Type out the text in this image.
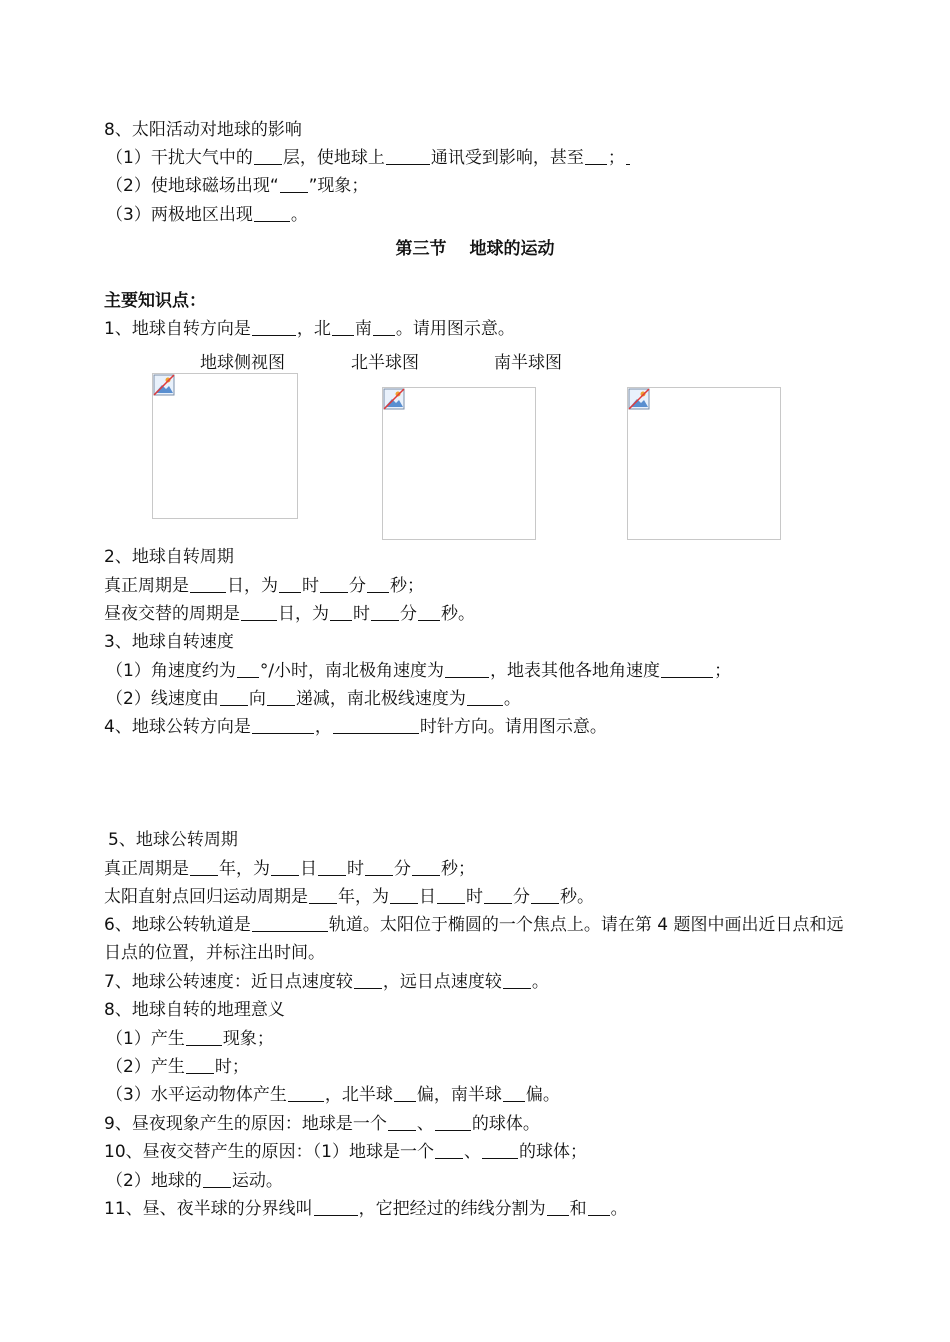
8、太阳活动对地球的影响
（1）干扰大气中的 层，使地球上	通讯受到影响，甚至 ；
（2）使地球磁场出现“ ”现象；
（3）两极地区出现 。
第三节　 地球的运动
主要知识点：
1、地球自转方向是	，北 南 。请用图示意。
地球侧视图	北半球图	南半球图
2、地球自转周期
真正周期是 日，为 时 分 秒；
昼夜交替的周期是 日，为 时 分 秒。
3、地球自转速度
（1）角速度约为 °/小时，南北极角速度为	，地表其他各地角速度	；
（2）线速度由 向 递减，南北极线速度为 。
4、地球公转方向是	，	时针方向。请用图示意。
5、地球公转周期
真正周期是 年，为 日 时 分 秒；
太阳直射点回归运动周期是 年，为 日 时 分 秒。
6、地球公转轨道是	轨道。太阳位于椭圆的一个焦点上。请在第 4 题图中画出近日点和远日点的位置，并标注出时间。
7、地球公转速度：近日点速度较 ，远日点速度较 。
8、地球自转的地理意义
（1）产生 现象；
（2）产生 时；
（3）水平运动物体产生 ，北半球 偏，南半球 偏。
9、昼夜现象产生的原因：地球是一个 、 的球体。
10、昼夜交替产生的原因：（1）地球是一个 、 的球体；
（2）地球的 运动。
11、昼、夜半球的分界线叫	，它把经过的纬线分割为 和 。
